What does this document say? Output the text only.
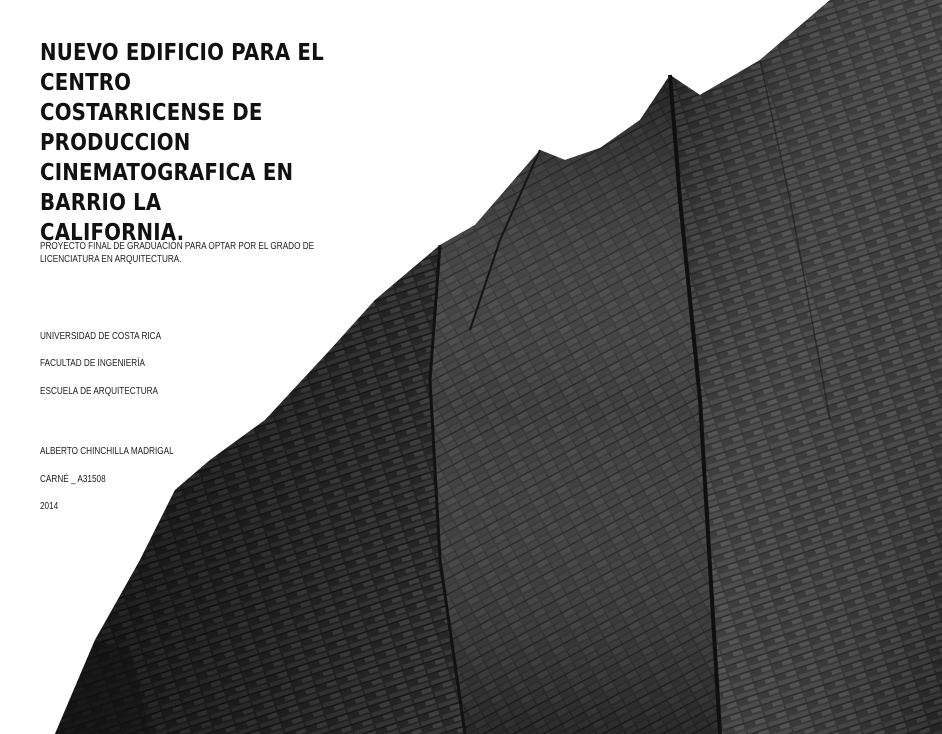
NUEVO EDIFICIO PARA EL CENTRO
COSTARRICENSE DE PRODUCCION
CINEMATOGRAFICA EN BARRIO LA
CALIFORNIA.

PROYECTO FINAL DE GRADUACIÓN PARA OPTAR POR EL GRADO DE LICENCIATURA EN ARQUITECTURA.

UNIVERSIDAD DE COSTA RICA
FACULTAD DE INGENIERÍA
ESCUELA DE ARQUITECTURA
ALBERTO CHINCHILLA MADRIGAL
CARNÉ _ A31508
2014
